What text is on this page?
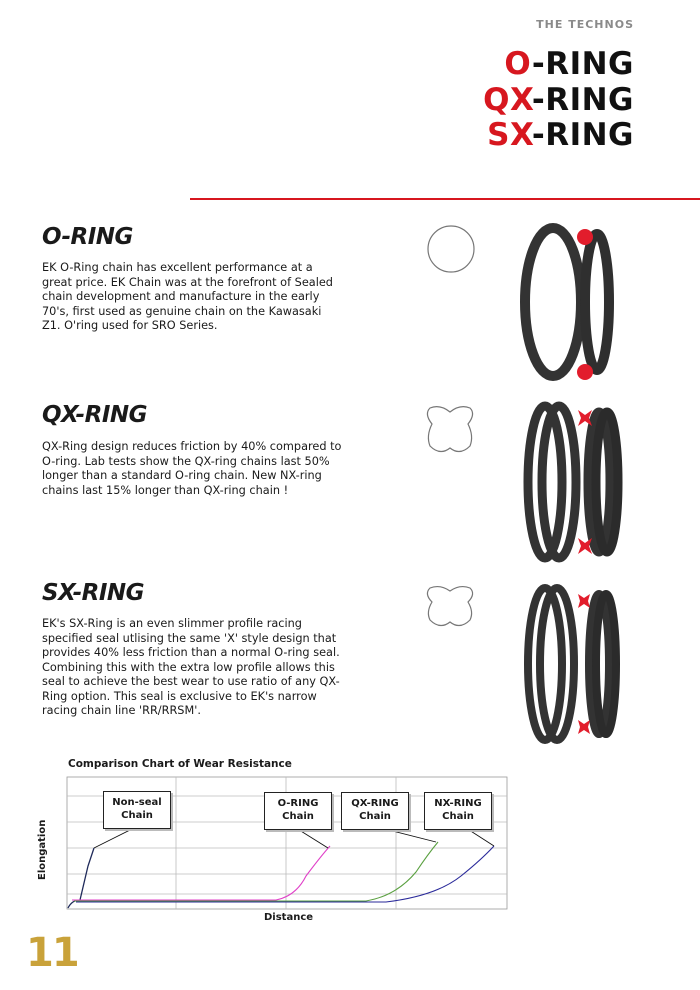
THE TECHNOS
O-RING
QX-RING
SX-RING
O-RING
EK O-Ring chain has excellent performance at a great price. EK Chain was at the forefront of Sealed chain development and manufacture in the early 70's, first used as genuine chain on the Kawasaki Z1. O'ring used for SRO Series.
QX-RING
QX-Ring design reduces friction by 40% compared to O-ring. Lab tests show the QX-ring chains last 50% longer than a standard O-ring chain. New NX-ring chains last 15% longer than QX-ring chain !
SX-RING
EK's SX-Ring is an even slimmer profile racing specified seal utlising the same 'X' style design that provides 40% less friction than a normal O-ring seal. Combining this with the extra low profile allows this seal to achieve the best wear to use ratio of any QX-Ring option. This seal is exclusive to EK's narrow racing chain line 'RR/RRSM'.
Comparison Chart of Wear Resistance
Non-seal
Chain
O-RING
Chain
QX-RING
Chain
NX-RING
Chain
Elongation
Distance
11
